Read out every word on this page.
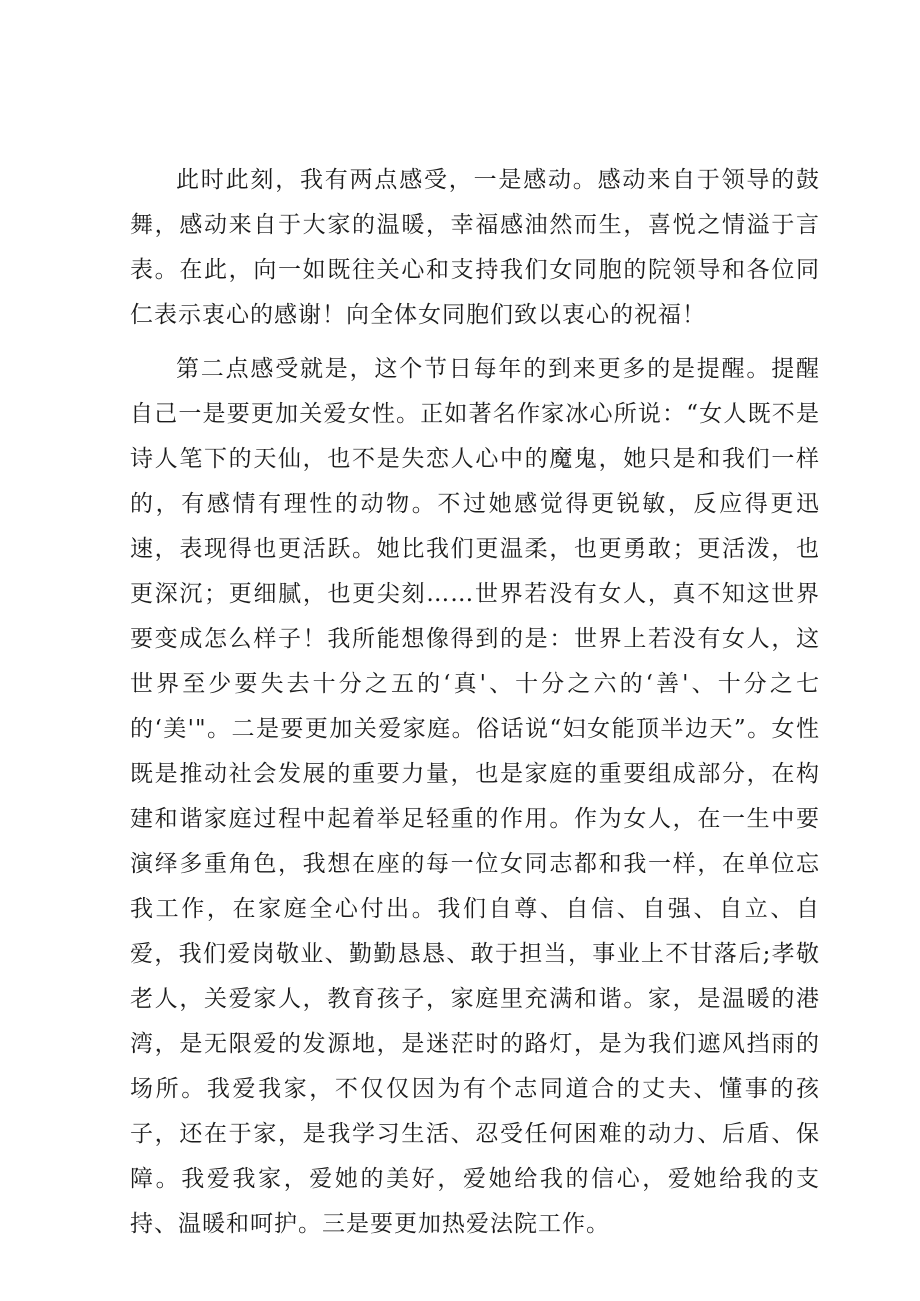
此时此刻，我有两点感受，一是感动。感动来自于领导的鼓舞，感动来自于大家的温暖，幸福感油然而生，喜悦之情溢于言表。在此，向一如既往关心和支持我们女同胞的院领导和各位同仁表示衷心的感谢！向全体女同胞们致以衷心的祝福！

第二点感受就是，这个节日每年的到来更多的是提醒。提醒自己一是要更加关爱女性。正如著名作家冰心所说：“女人既不是诗人笔下的天仙，也不是失恋人心中的魔鬼，她只是和我们一样的，有感情有理性的动物。不过她感觉得更锐敏，反应得更迅速，表现得也更活跃。她比我们更温柔，也更勇敢；更活泼，也更深沉；更细腻，也更尖刻……世界若没有女人，真不知这世界要变成怎么样子！我所能想像得到的是：世界上若没有女人，这世界至少要失去十分之五的‘真'、十分之六的‘善'、十分之七的‘美'"。二是要更加关爱家庭。俗话说“妇女能顶半边天”。女性既是推动社会发展的重要力量，也是家庭的重要组成部分，在构建和谐家庭过程中起着举足轻重的作用。作为女人，在一生中要演绎多重角色，我想在座的每一位女同志都和我一样，在单位忘我工作，在家庭全心付出。我们自尊、自信、自强、自立、自爱，我们爱岗敬业、勤勤恳恳、敢于担当，事业上不甘落后;孝敬老人，关爱家人，教育孩子，家庭里充满和谐。家，是温暖的港湾，是无限爱的发源地，是迷茫时的路灯，是为我们遮风挡雨的场所。我爱我家，不仅仅因为有个志同道合的丈夫、懂事的孩子，还在于家，是我学习生活、忍受任何困难的动力、后盾、保障。我爱我家，爱她的美好，爱她给我的信心，爱她给我的支持、温暖和呵护。三是要更加热爱法院工作。
